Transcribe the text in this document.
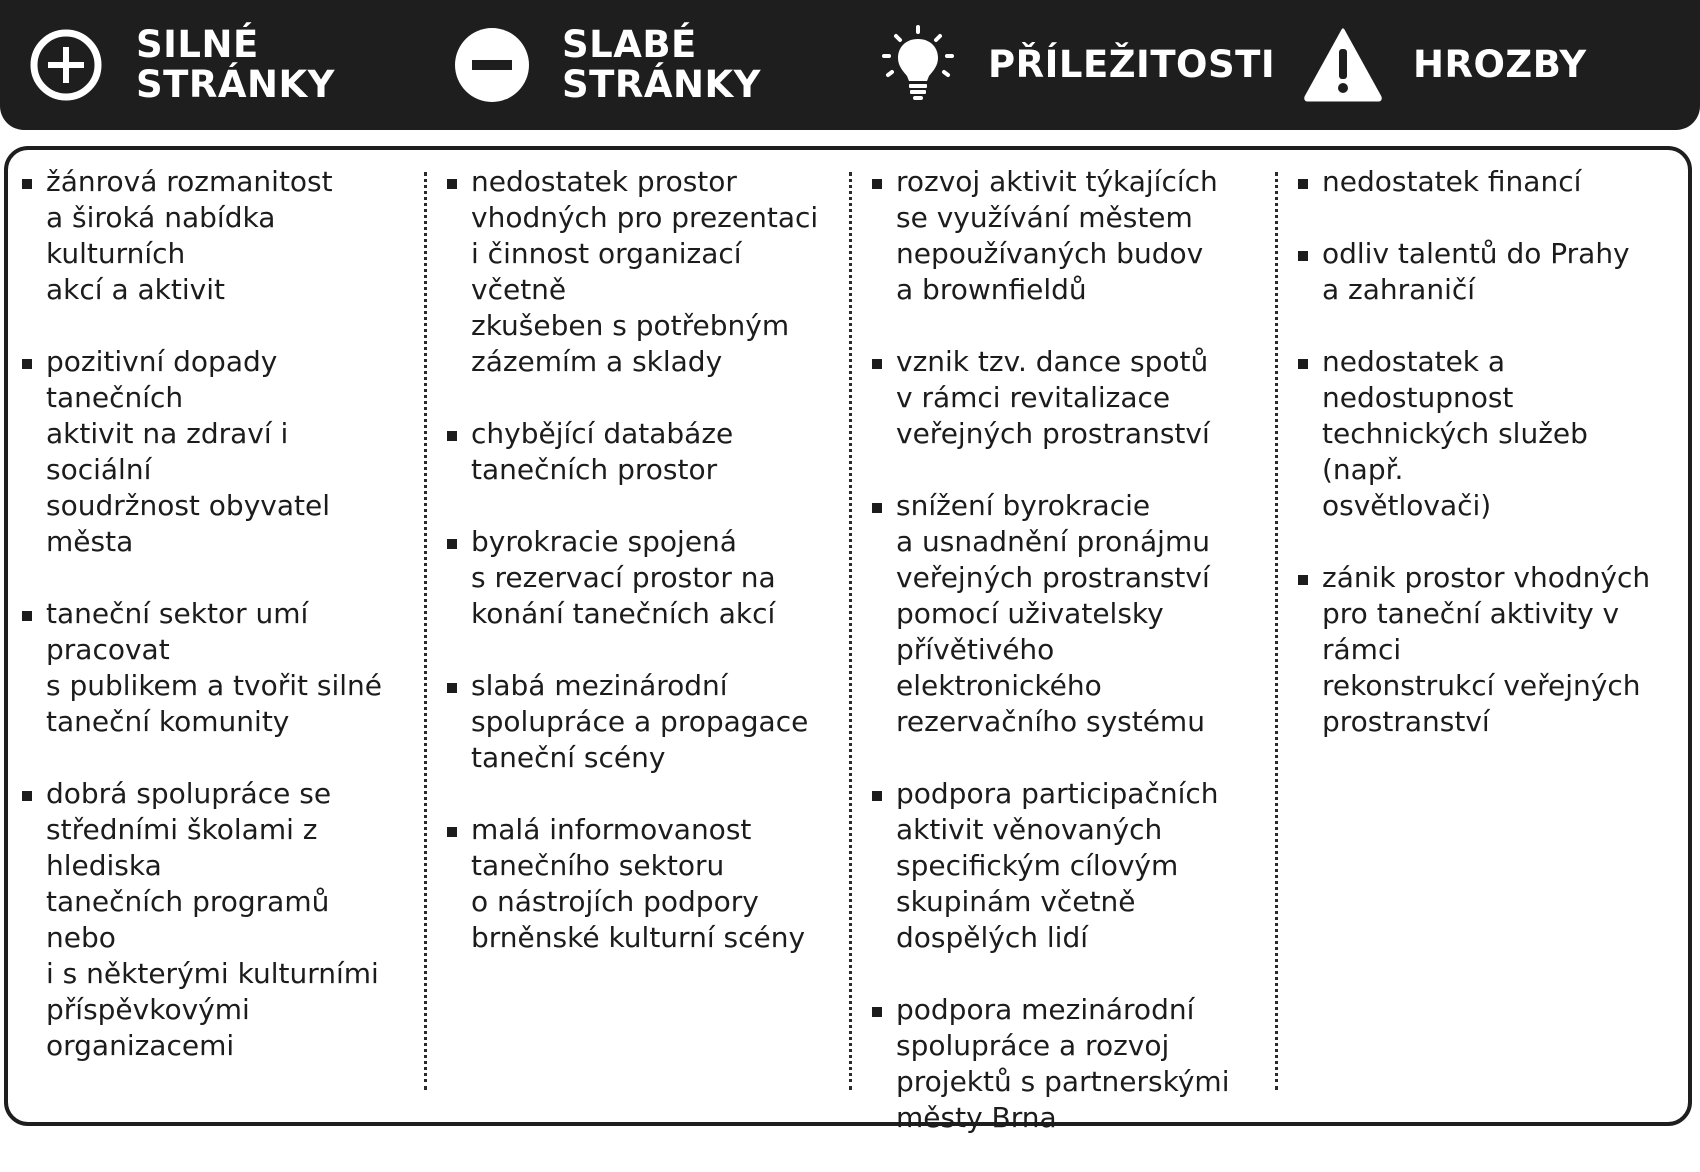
SILNÉ
STRÁNKY
SLABÉ
STRÁNKY	PŘÍLEŽITOSTI	HROZBY
žánrová rozmanitost
a široká nabídka kulturních
akcí a aktivit
pozitivní dopady tanečních
aktivit na zdraví i sociální
soudržnost obyvatel města
taneční sektor umí pracovat
s publikem a tvořit silné
taneční komunity
dobrá spolupráce se
středními školami z hlediska
tanečních programů nebo
i s některými kulturními
příspěvkovými
organizacemi
nedostatek prostor
vhodných pro prezentaci
i činnost organizací včetně
zkušeben s potřebným
zázemím a sklady
chybějící databáze
tanečních prostor
byrokracie spojená
s rezervací prostor na
konání tanečních akcí
slabá mezinárodní
spolupráce a propagace
taneční scény
malá informovanost
tanečního sektoru
o nástrojích podpory
brněnské kulturní scény
rozvoj aktivit týkajících
se využívání městem
nepoužívaných budov
a brownfieldů
vznik tzv. dance spotů
v rámci revitalizace
veřejných prostranství
snížení byrokracie
a usnadnění pronájmu
veřejných prostranství
pomocí uživatelsky
přívětivého elektronického
rezervačního systému
podpora participačních
aktivit věnovaných
specifickým cílovým
skupinám včetně
dospělých lidí
podpora mezinárodní
spolupráce a rozvoj
projektů s partnerskými
městy Brna
nedostatek financí
odliv talentů do Prahy
a zahraničí
nedostatek a nedostupnost
technických služeb (např.
osvětlovači)
zánik prostor vhodných
pro taneční aktivity v rámci
rekonstrukcí veřejných
prostranství
